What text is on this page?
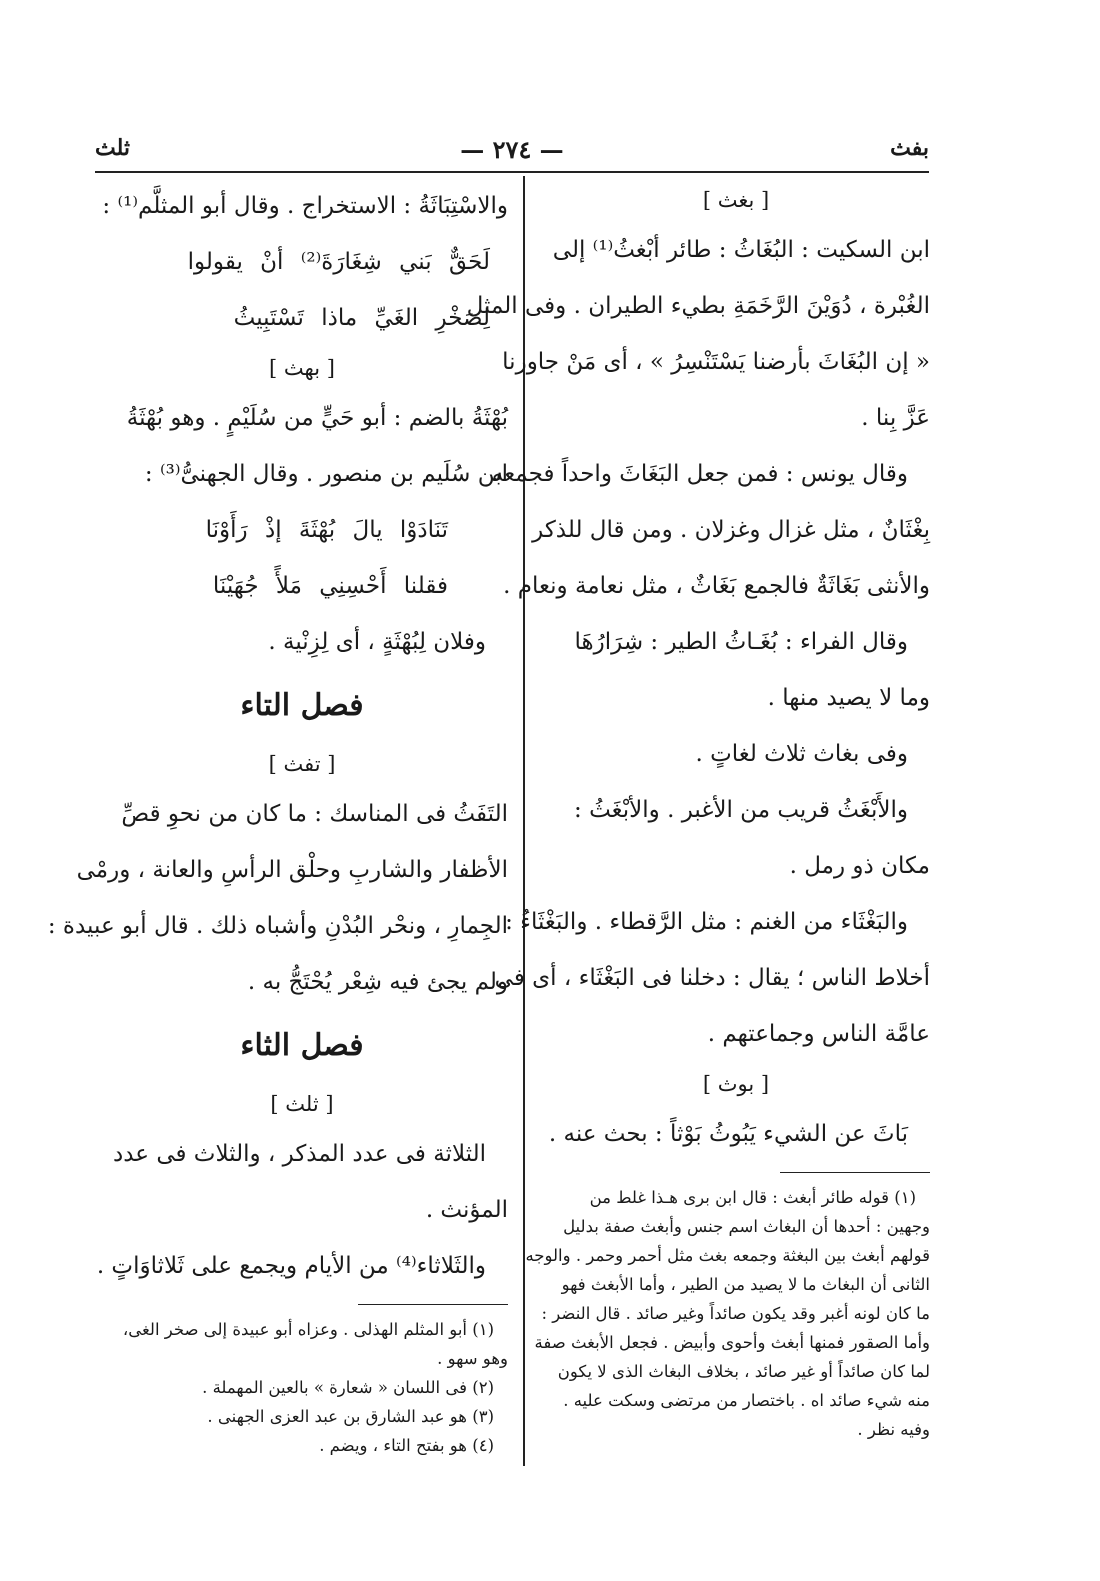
بفث
— ٢٧٤ —
ثلث
[ بغث ]
ابن السكيت : البُغَاثُ : طائر أبْغثُ⁽¹⁾ إلى
الغُبْرة ، دُوَيْنَ الرَّخَمَةِ بطيء الطيران . وفى المثل
« إن البُغَاثَ بأرضنا يَسْتَنْسِرُ » ، أى مَنْ جاورنا
عَزَّ بِنا .
وقال يونس : فمن جعل البَغَاثَ واحداً فجمعه
بِغْثَانٌ ، مثل غزال وغزلان . ومن قال للذكر
والأنثى بَغَاثَةٌ فالجمع بَغَاثٌ ، مثل نعامة ونعام .
وقال الفراء : بُغَـاثُ الطير : شِرَارُهَا
وما لا يصيد منها .
وفى بغاث ثلاث لغاتٍ .
والأَبْغَثُ قريب من الأغبر . والأبْغَثُ :
مكان ذو رمل .
والبَغْثَاء من الغنم : مثل الرَّقطاء . والبَغْثَاءُ :
أخلاط الناس ؛ يقال : دخلنا فى البَغْثَاء ، أى فى
عامَّة الناس وجماعتهم .
[ بوث ]
بَاثَ عن الشيء يَبُوثُ بَوْثاً : بحث عنه .
(١) قوله طائر أبغث : قال ابن برى هـذا غلط من
وجهين : أحدها أن البغاث اسم جنس وأبغث صفة بدليل
قولهم أبغث بين البغثة وجمعه بغث مثل أحمر وحمر . والوجه
الثانى أن البغاث ما لا يصيد من الطير ، وأما الأبغث فهو
ما كان لونه أغبر وقد يكون صائداً وغير صائد . قال النضر :
وأما الصقور فمنها أبغث وأحوى وأبيض . فجعل الأبغث صفة
لما كان صائداً أو غير صائد ، بخلاف البغاث الذى لا يكون
منه شيء صائد اه . باختصار من مرتضى وسكت عليه .
وفيه نظر .
والاسْتِبَاثَةُ : الاستخراج . وقال أبو المثلَّم⁽¹⁾ :
لَحَقٌّ بَني شِغَارَةَ⁽²⁾ أنْ يقولوا
لِصَخْرِ الغَيِّ ماذا تَسْتَبِيثُ
[ بهث ]
بُهْثَةُ بالضم : أبو حَيٍّ من سُلَيْمٍ . وهو بُهْثَةُ
ابن سُلَيم بن منصور . وقال الجهنىُّ⁽³⁾ :
تَنَادَوْا يالَ بُهْثَةَ إذْ رَأَوْنَا
فقلنا أَحْسِنِي مَلأً جُهَيْنَا
وفلان لِبُهْثَةٍ ، أى لِزِنْية .
فصل التاء
[ تفث ]
التَفَثُ فى المناسك : ما كان من نحوِ قصِّ
الأظفار والشاربِ وحلْق الرأسِ والعانة ، ورمْى
الجِمارِ ، ونحْر البُدْنِ وأشباه ذلك . قال أبو عبيدة :
ولم يجئ فيه شِعْر يُحْتَجُّ به .
فصل الثاء
[ ثلث ]
الثلاثة فى عدد المذكر ، والثلاث فى عدد
المؤنث .
والثَلاثاء⁽⁴⁾ من الأيام ويجمع على ثَلاثاوَاتٍ .
(١) أبو المثلم الهذلى . وعزاه أبو عبيدة إلى صخر الغى،
وهو سهو .
(٢) فى اللسان « شعارة » بالعين المهملة .
(٣) هو عبد الشارق بن عبد العزى الجهنى .
(٤) هو بفتح التاء ، ويضم .
